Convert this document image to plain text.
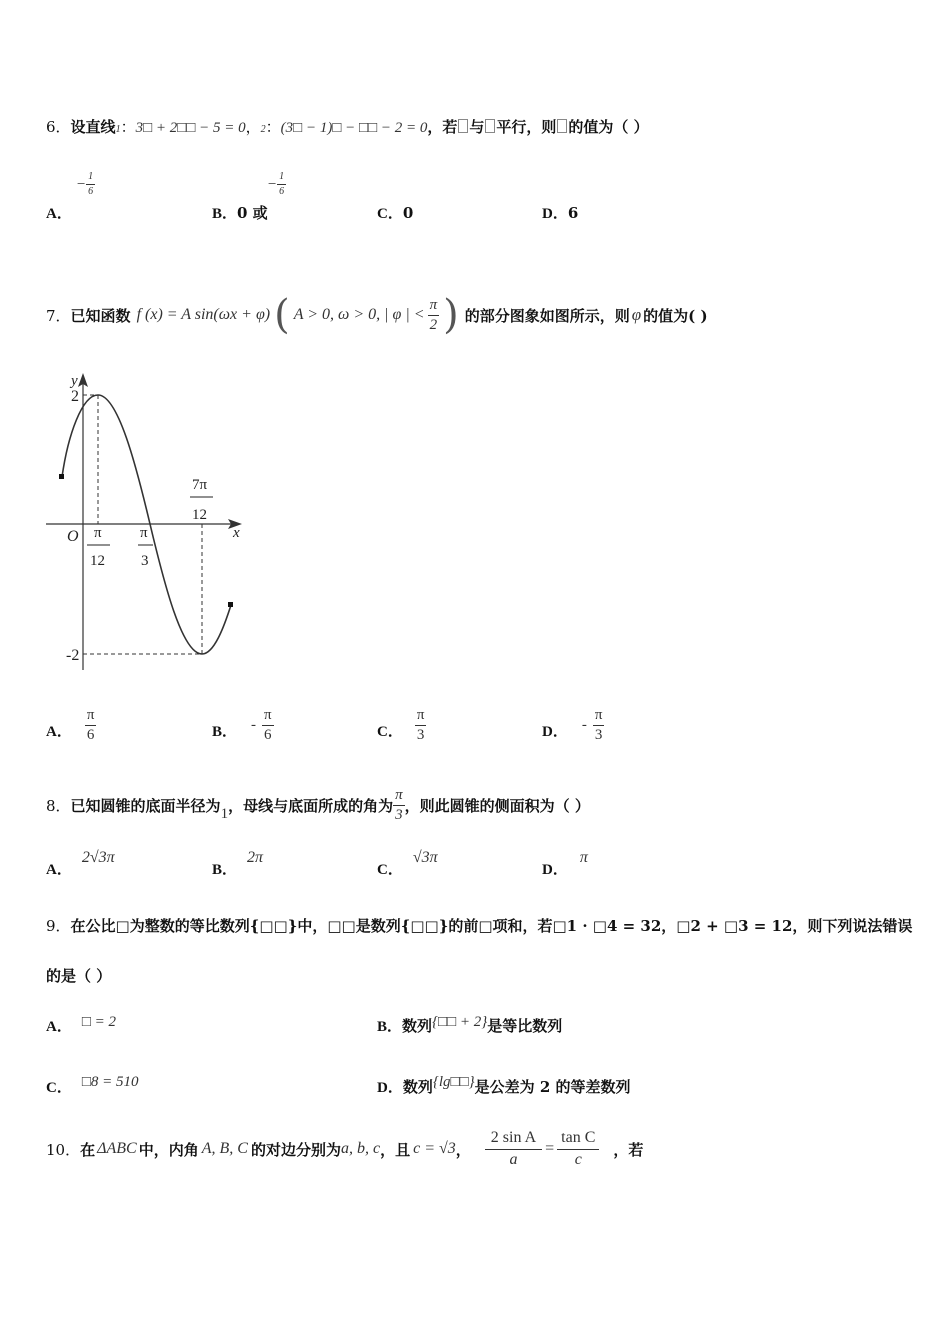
6．设直线1：3□ + 2□□ − 5 = 0，2：(3□ − 1)□ − □□ − 2 = 0，若 与 平行，则 的值为（ ）
− $\frac{1}{6}$
A．
− $\frac{1}{6}$
B．0 或	C．0	D．6
7． 已知函数 f (x) = A sin(ωx + φ) ( A > 0, ω > 0, | φ | < $\frac{\pi}{2}$ ) 的部分图象如图所示，则 φ 的值为( )
y
x
O
2
-2
π
12
π
3
7π
12
A． $\frac{\pi}{6}$	B． - $\frac{\pi}{6}$	C． $\frac{\pi}{3}$	D． - $\frac{\pi}{3}$
8． 已知圆锥的底面半径为 1 ，母线与底面所成的角为 $\frac{\pi}{3}$ ，则此圆锥的侧面积为（ ）
A．2√3π
B．2π
C．√3π
D．π
9．在公比□为整数的等比数列{□□}中，□□是数列{□□}的前□项和，若□1 · □4 = 32，□2 + □3 = 12，则下列说法错误
的是（ ）
A． □ = 2	B．数列{□□ + 2}是等比数列
C． □8 = 510	D．数列{lg□□}是公差为 2 的等差数列
10． 在 ΔABC 中，内角 A, B, C 的对边分别为 a, b, c ，且 c = √3 ， $\frac{\text{2 sin A}}{a} = \frac{\text{tan C}}{c}$ ，若
